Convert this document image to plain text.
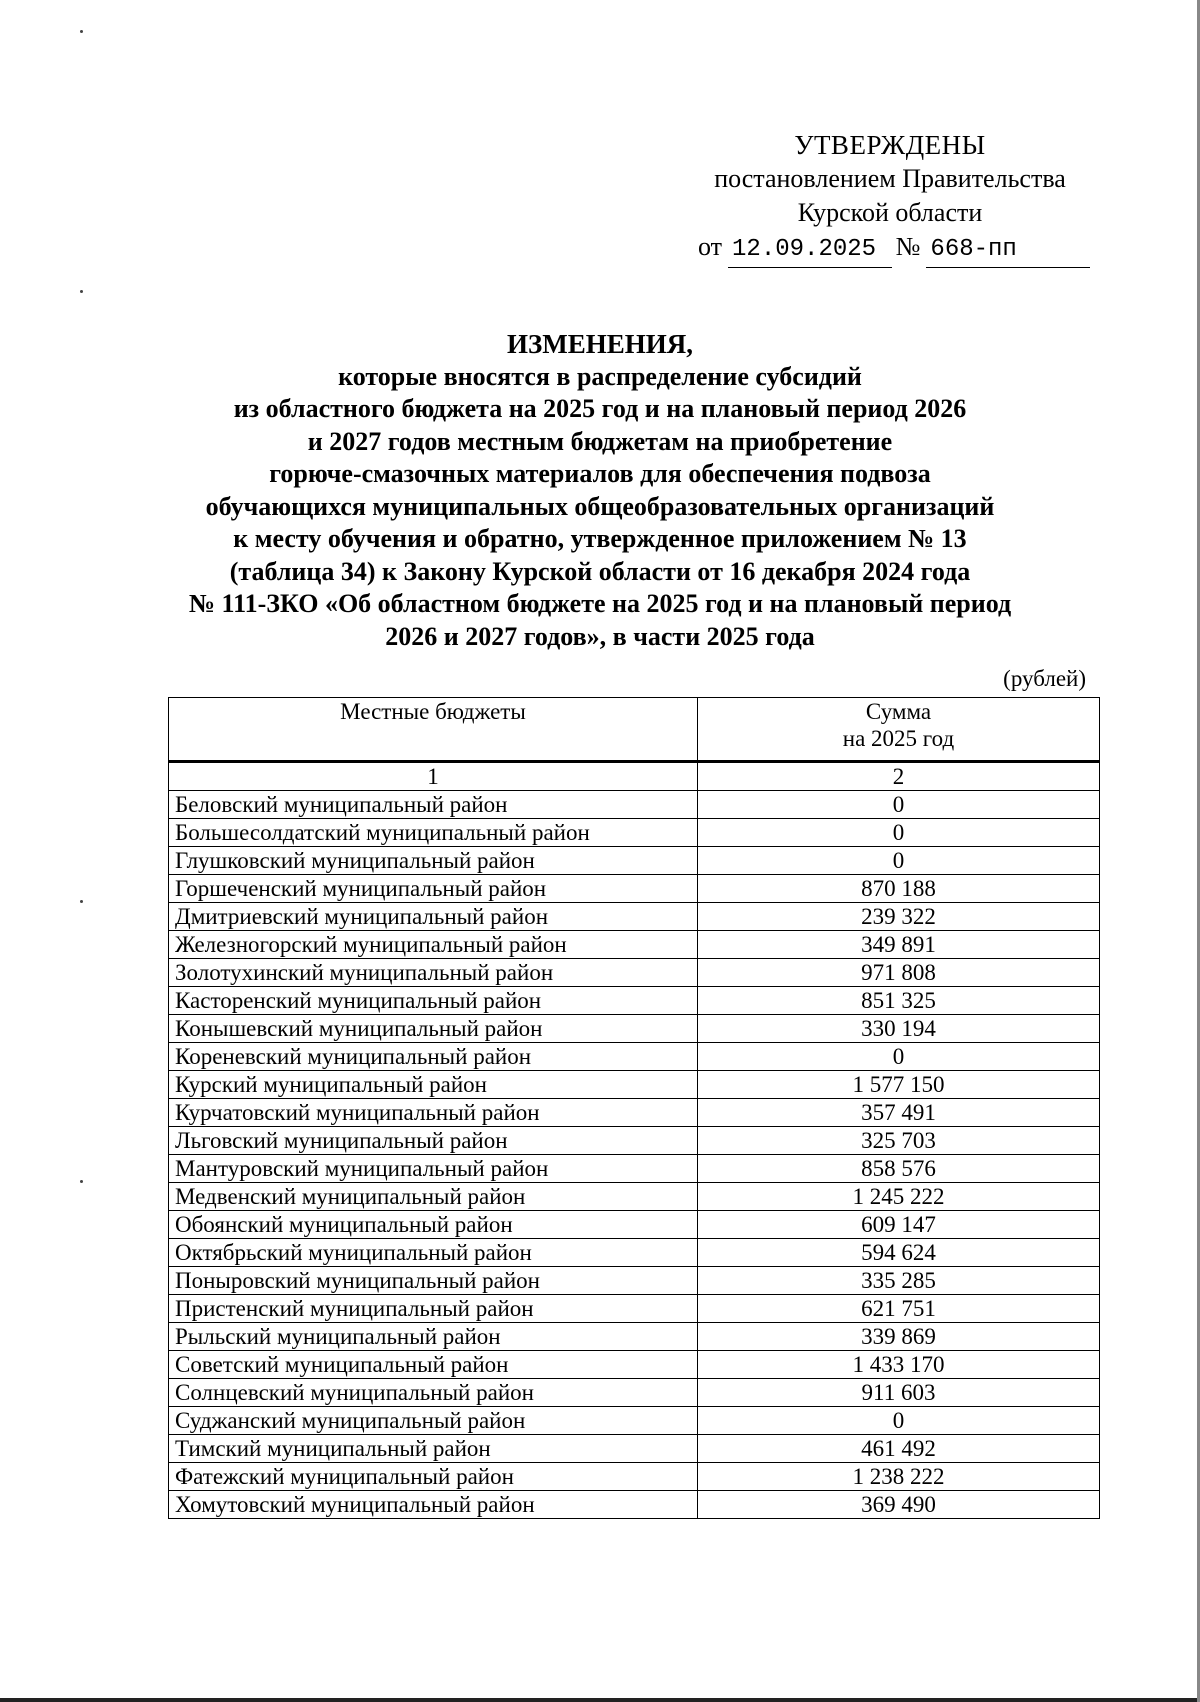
УТВЕРЖДЕНЫ
постановлением Правительства
Курской области
от 12.09.2025 № 668-пп
ИЗМЕНЕНИЯ,
которые вносятся в распределение субсидий
из областного бюджета на 2025 год и на плановый период 2026
и 2027 годов местным бюджетам на приобретение
горюче-смазочных материалов для обеспечения подвоза
обучающихся муниципальных общеобразовательных организаций
к месту обучения и обратно, утвержденное приложением № 13
(таблица 34) к Закону Курской области от 16 декабря 2024 года
№ 111-ЗКО «Об областном бюджете на 2025 год и на плановый период
2026 и 2027 годов», в части 2025 года
(рублей)
Местные бюджеты	Сумма
на 2025 год

1	2
Беловский муниципальный район	0
Большесолдатский муниципальный район	0
Глушковский муниципальный район	0
Горшеченский муниципальный район	870 188
Дмитриевский муниципальный район	239 322
Железногорский муниципальный район	349 891
Золотухинский муниципальный район	971 808
Касторенский муниципальный район	851 325
Конышевский муниципальный район	330 194
Кореневский муниципальный район	0
Курский муниципальный район	1 577 150
Курчатовский муниципальный район	357 491
Льговский муниципальный район	325 703
Мантуровский муниципальный район	858 576
Медвенский муниципальный район	1 245 222
Обоянский муниципальный район	609 147
Октябрьский муниципальный район	594 624
Поныровский муниципальный район	335 285
Пристенский муниципальный район	621 751
Рыльский муниципальный район	339 869
Советский муниципальный район	1 433 170
Солнцевский муниципальный район	911 603
Суджанский муниципальный район	0
Тимский муниципальный район	461 492
Фатежский муниципальный район	1 238 222
Хомутовский муниципальный район	369 490
